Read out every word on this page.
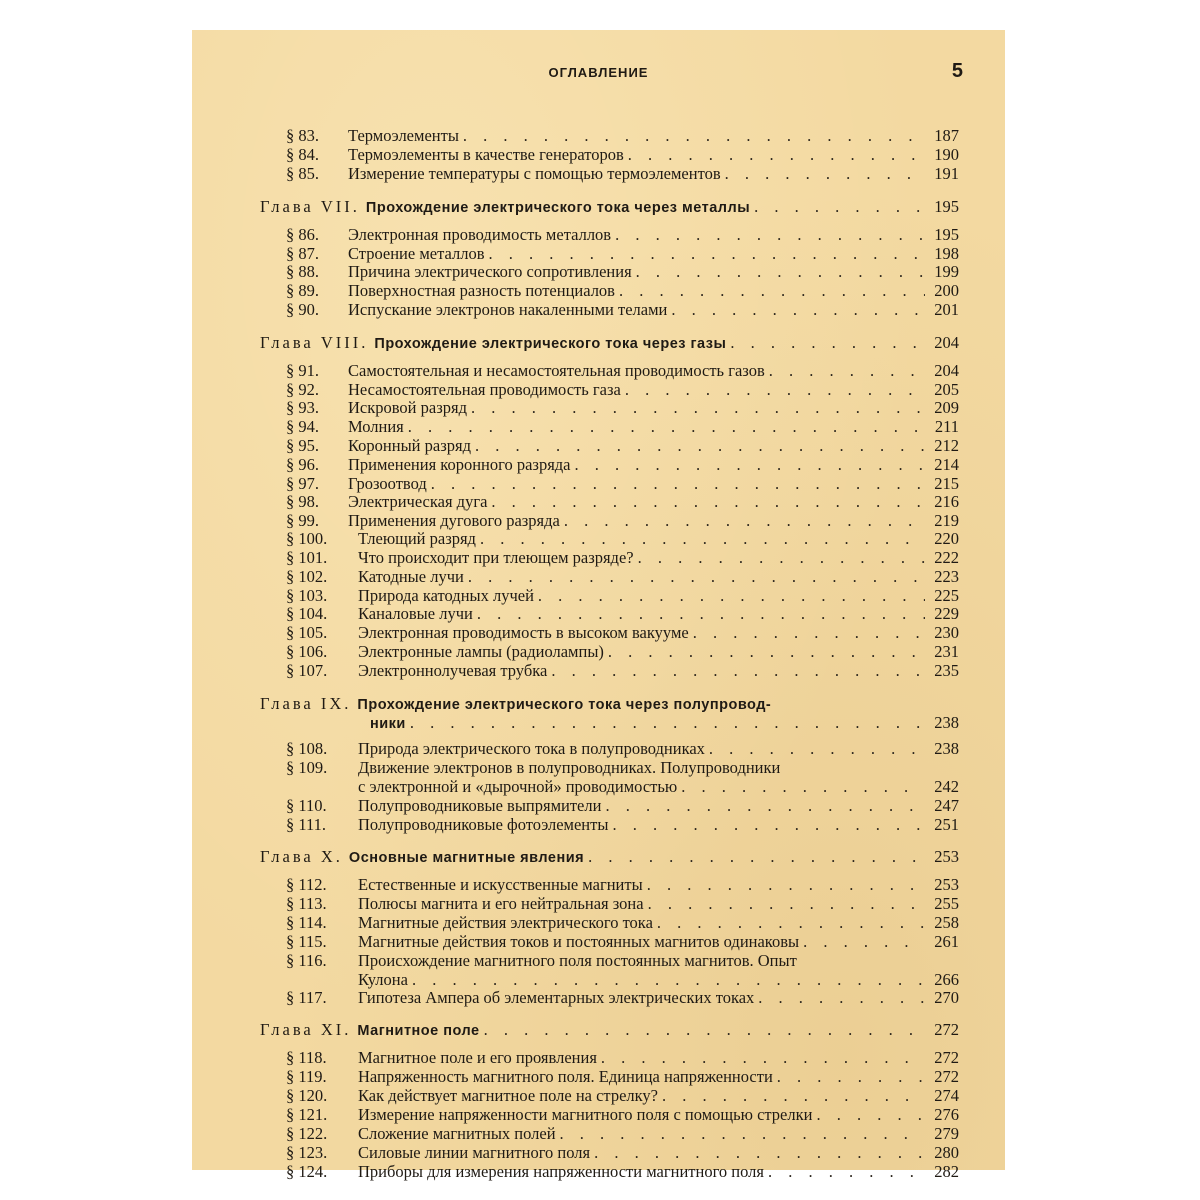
ОГЛАВЛЕНИЕ	5
§ 83.	Термоэлементы . . .	187
§ 84.	Термоэлементы в качестве генераторов . . .	190
§ 85.	Измерение температуры с помощью термоэлементов . . .	191
Глава VII. Прохождение электрического тока через металлы . . .	195
§ 86.	Электронная проводимость металлов . . .	195
§ 87.	Строение металлов . . .	198
§ 88.	Причина электрического сопротивления . . .	199
§ 89.	Поверхностная разность потенциалов . . .	200
§ 90.	Испускание электронов накаленными телами . . .	201
Глава VIII. Прохождение электрического тока через газы . . .	204
§ 91.	Самостоятельная и несамостоятельная проводимость газов . . .	204
§ 92.	Несамостоятельная проводимость газа . . .	205
§ 93.	Искровой разряд . . .	209
§ 94.	Молния . . .	211
§ 95.	Коронный разряд . . .	212
§ 96.	Применения коронного разряда . . .	214
§ 97.	Грозоотвод . . .	215
§ 98.	Электрическая дуга . . .	216
§ 99.	Применения дугового разряда . . .	219
§ 100.	Тлеющий разряд . . .	220
§ 101.	Что происходит при тлеющем разряде? . . .	222
§ 102.	Катодные лучи . . .	223
§ 103.	Природа катодных лучей . . .	225
§ 104.	Каналовые лучи . . .	229
§ 105.	Электронная проводимость в высоком вакууме . . .	230
§ 106.	Электронные лампы (радиолампы) . . .	231
§ 107.	Электроннолучевая трубка . . .	235
Глава IX. Прохождение электрического тока через полупровод-
ники . . .	238
§ 108.	Природа электрического тока в полупроводниках . . .	238
§ 109.	Движение электронов в полупроводниках. Полупроводники
с электронной и «дырочной» проводимостью . . .	242
§ 110.	Полупроводниковые выпрямители . . .	247
§ 111.	Полупроводниковые фотоэлементы . . .	251
Глава X. Основные магнитные явления . . .	253
§ 112.	Естественные и искусственные магниты . . .	253
§ 113.	Полюсы магнита и его нейтральная зона . . .	255
§ 114.	Магнитные действия электрического тока . . .	258
§ 115.	Магнитные действия токов и постоянных магнитов одинаковы . . .	261
§ 116.	Происхождение магнитного поля постоянных магнитов. Опыт
Кулона . . .	266
§ 117.	Гипотеза Ампера об элементарных электрических токах . . .	270
Глава XI. Магнитное поле . . .	272
§ 118.	Магнитное поле и его проявления . . .	272
§ 119.	Напряженность магнитного поля. Единица напряженности . . .	272
§ 120.	Как действует магнитное поле на стрелку? . . .	274
§ 121.	Измерение напряженности магнитного поля с помощью стрелки . . .	276
§ 122.	Сложение магнитных полей . . .	279
§ 123.	Силовые линии магнитного поля . . .	280
§ 124.	Приборы для измерения напряженности магнитного поля . . .	282
